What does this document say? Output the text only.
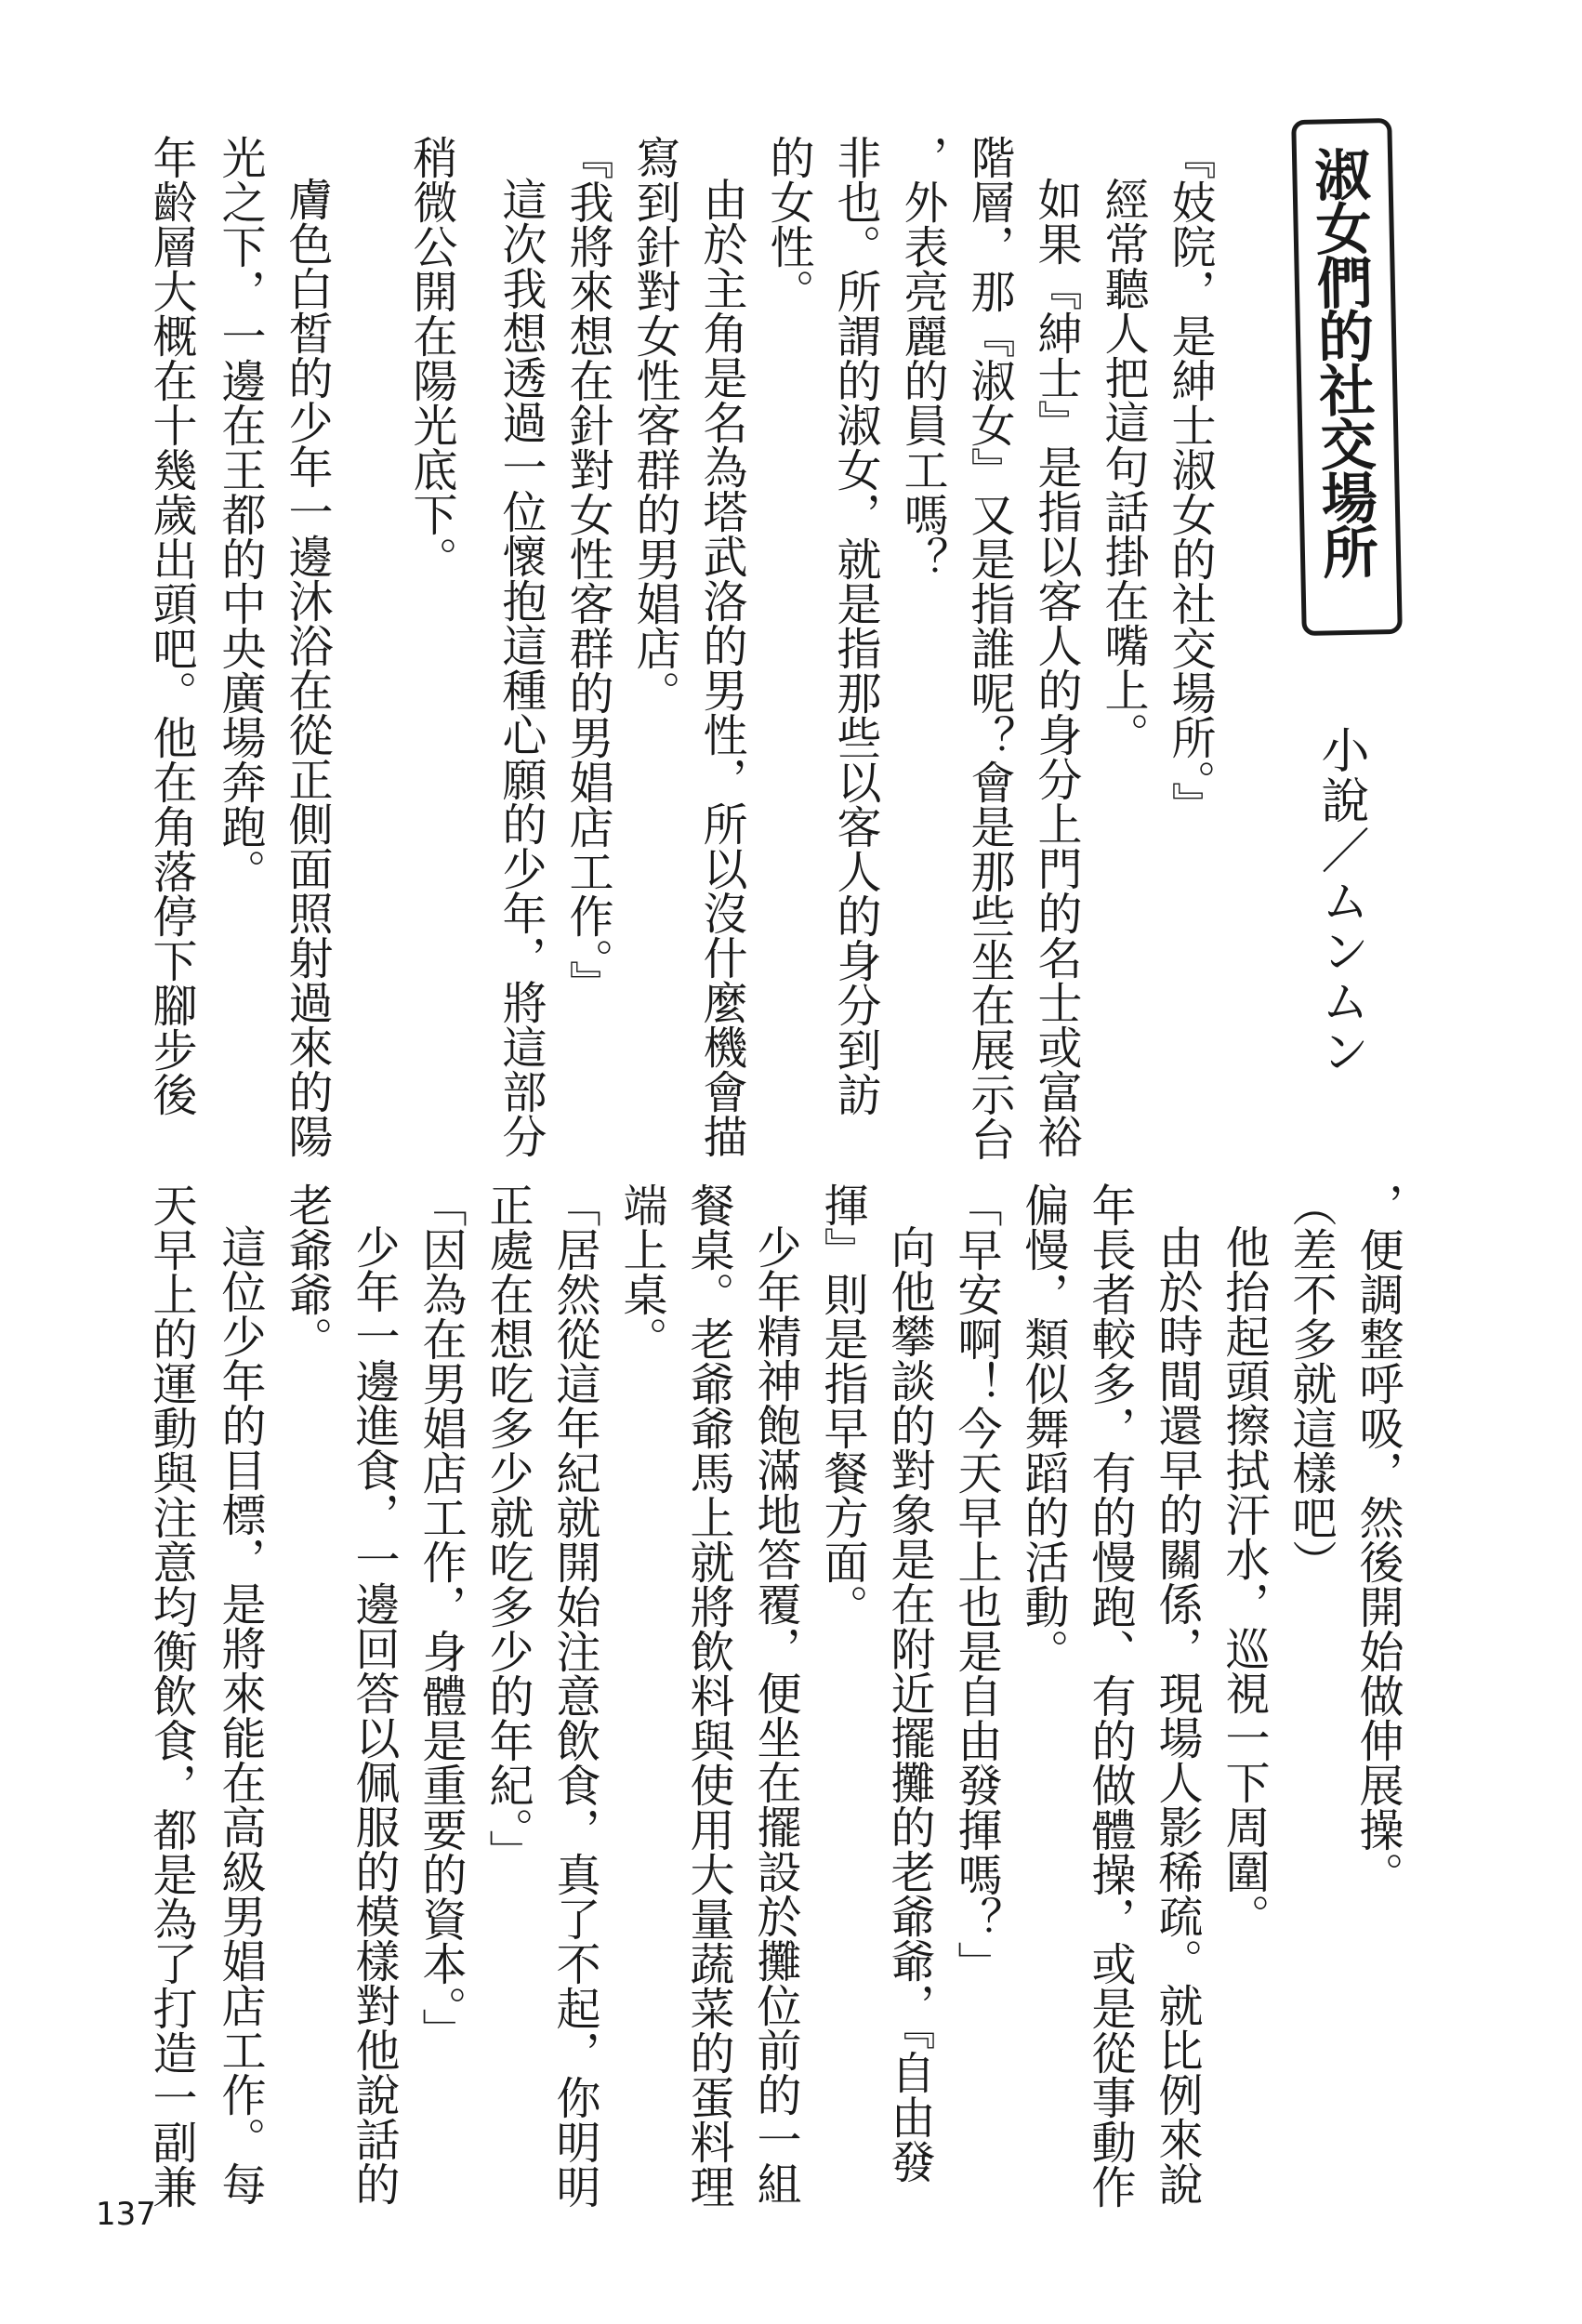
淑女們的社交場所
小說／ムンムン
『妓院，是紳士淑女的社交場所。』
經常聽人把這句話掛在嘴上。
如果『紳士』是指以客人的身分上門的名士或富裕
階層，那『淑女』又是指誰呢？會是那些坐在展示台
，外表亮麗的員工嗎？
非也。所謂的淑女，就是指那些以客人的身分到訪
的女性。
由於主角是名為塔武洛的男性，所以沒什麼機會描
寫到針對女性客群的男娼店。
『我將來想在針對女性客群的男娼店工作。』
這次我想透過一位懷抱這種心願的少年，將這部分
稍微公開在陽光底下。
膚色白皙的少年一邊沐浴在從正側面照射過來的陽
光之下，一邊在王都的中央廣場奔跑。
年齡層大概在十幾歲出頭吧。他在角落停下腳步後
，便調整呼吸，然後開始做伸展操。
（差不多就這樣吧）
他抬起頭擦拭汗水，巡視一下周圍。
由於時間還早的關係，現場人影稀疏。就比例來說
年長者較多，有的慢跑、有的做體操，或是從事動作
偏慢，類似舞蹈的活動。
「早安啊！今天早上也是自由發揮嗎？」
向他攀談的對象是在附近擺攤的老爺爺，『自由發
揮』則是指早餐方面。
少年精神飽滿地答覆，便坐在擺設於攤位前的一組
餐桌。老爺爺馬上就將飲料與使用大量蔬菜的蛋料理
端上桌。
「居然從這年紀就開始注意飲食，真了不起，你明明
正處在想吃多少就吃多少的年紀。」
「因為在男娼店工作，身體是重要的資本。」
少年一邊進食，一邊回答以佩服的模樣對他說話的
老爺爺。
這位少年的目標，是將來能在高級男娼店工作。每
天早上的運動與注意均衡飲食，都是為了打造一副兼
137
